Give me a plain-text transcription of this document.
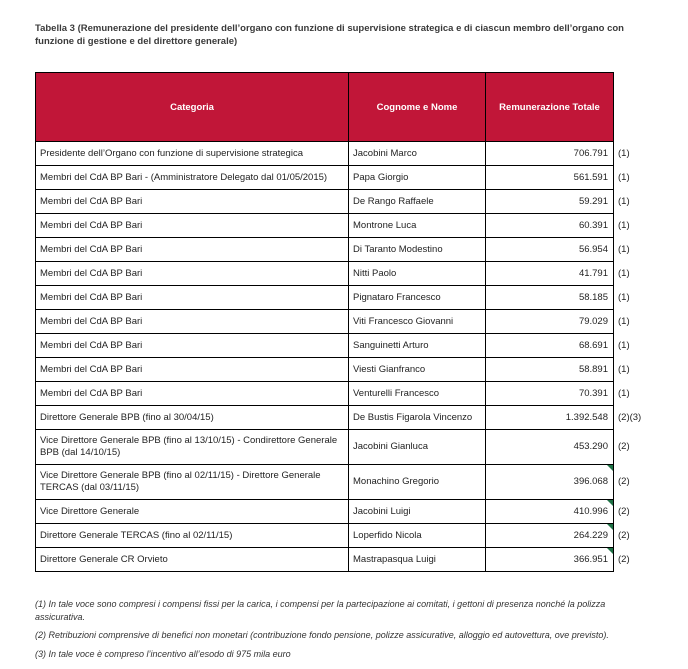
Tabella 3 (Remunerazione del presidente dell’organo con funzione di supervisione strategica e di ciascun membro dell’organo con funzione di gestione e del direttore generale)

Categoria	Cognome e Nome	Remunerazione Totale	
Presidente dell’Organo con funzione di supervisione strategica	Jacobini Marco	706.791	(1)
Membri del CdA BP Bari - (Amministratore Delegato dal 01/05/2015)	Papa Giorgio	561.591	(1)
Membri del CdA BP Bari	De Rango Raffaele	59.291	(1)
Membri del CdA BP Bari	Montrone Luca	60.391	(1)
Membri del CdA BP Bari	Di Taranto Modestino	56.954	(1)
Membri del CdA BP Bari	Nitti Paolo	41.791	(1)
Membri del CdA BP Bari	Pignataro Francesco	58.185	(1)
Membri del CdA BP Bari	Viti Francesco Giovanni	79.029	(1)
Membri del CdA BP Bari	Sanguinetti Arturo	68.691	(1)
Membri del CdA BP Bari	Viesti Gianfranco	58.891	(1)
Membri del CdA BP Bari	Venturelli Francesco	70.391	(1)
Direttore Generale BPB (fino al 30/04/15)	De Bustis Figarola Vincenzo	1.392.548	(2)(3)
Vice Direttore Generale BPB (fino al 13/10/15) - Condirettore Generale BPB (dal 14/10/15)	Jacobini Gianluca	453.290	(2)
Vice Direttore Generale BPB (fino al 02/11/15) - Direttore Generale TERCAS (dal 03/11/15)	Monachino Gregorio	396.068	(2)
Vice Direttore Generale	Jacobini Luigi	410.996	(2)
Direttore Generale TERCAS (fino al 02/11/15)	Loperfido Nicola	264.229	(2)
Direttore Generale CR Orvieto	Mastrapasqua Luigi	366.951	(2)

(1) In tale voce sono compresi i compensi fissi per la carica, i compensi per la partecipazione ai comitati, i gettoni di presenza nonché la polizza assicurativa.

(2) Retribuzioni comprensive di benefici non monetari (contribuzione fondo pensione, polizze assicurative, alloggio ed autovettura, ove previsto).

(3) In tale voce è compreso l’incentivo all’esodo di 975 mila euro
